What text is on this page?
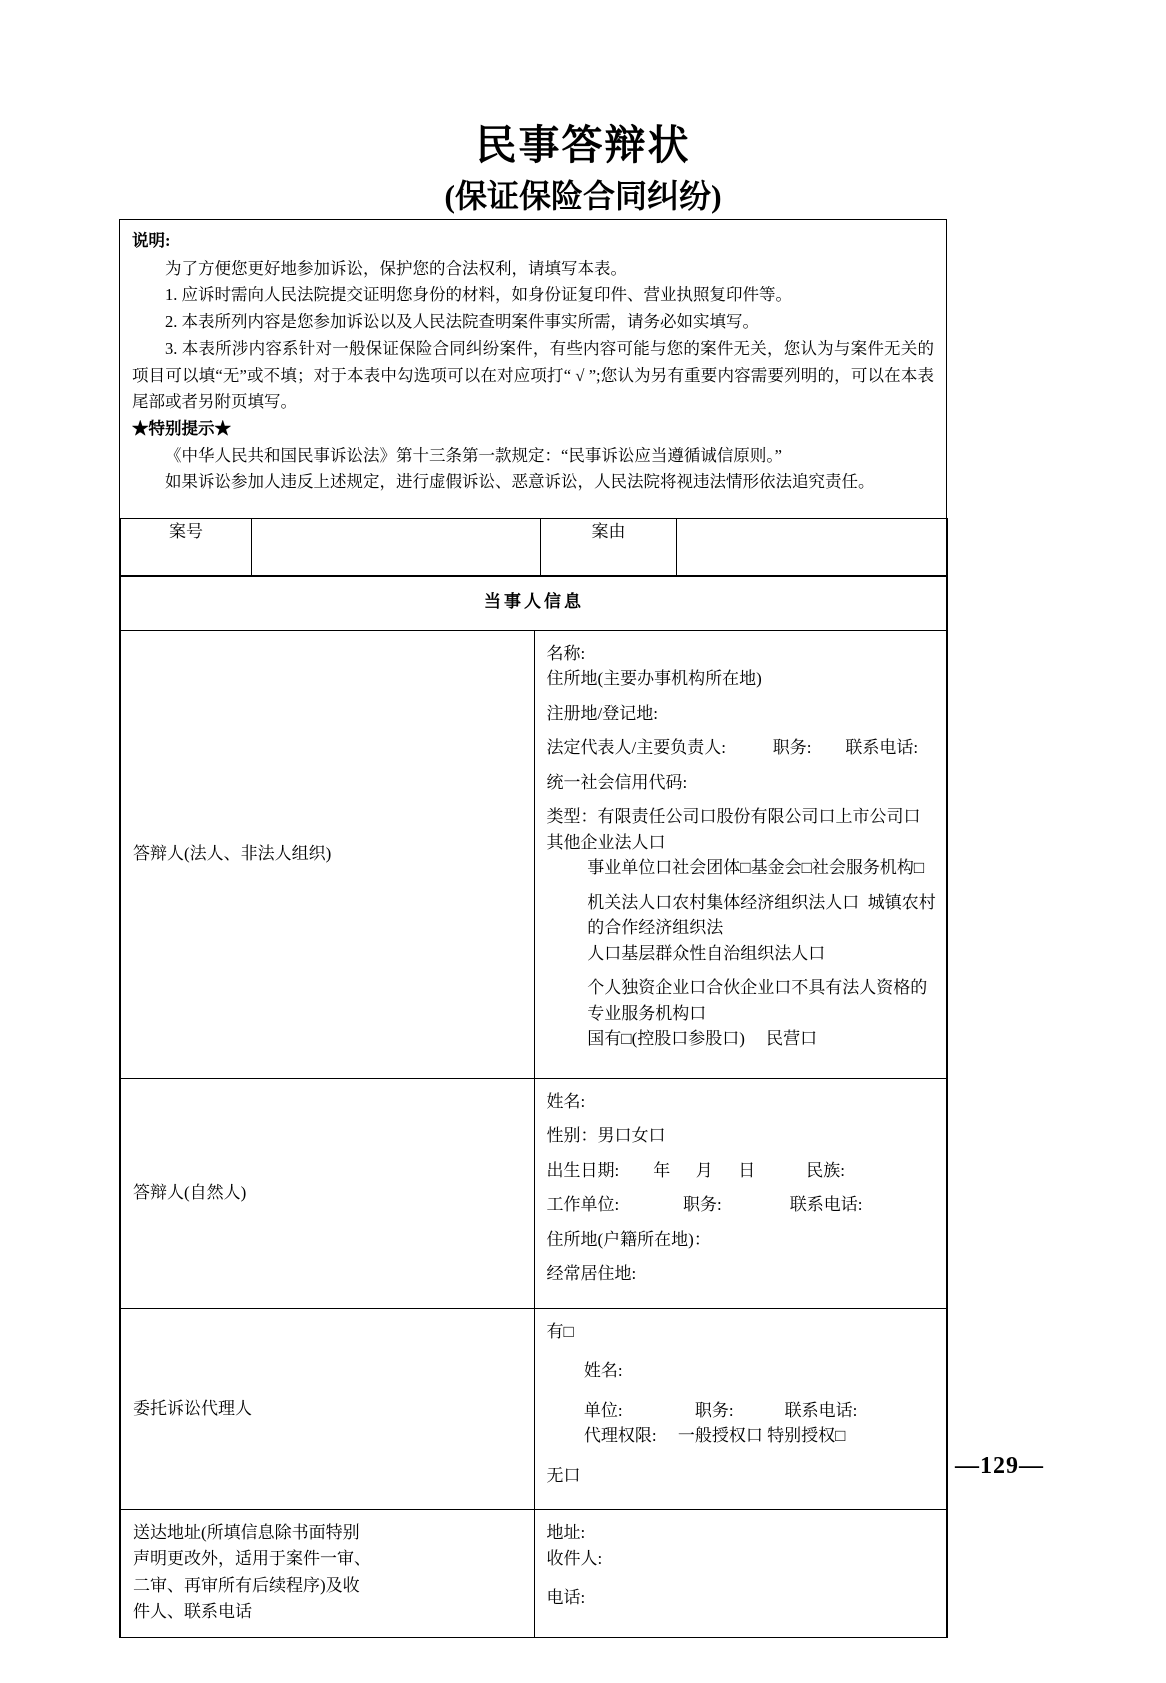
民事答辩状
(保证保险合同纠纷)
说明:

为了方便您更好地参加诉讼，保护您的合法权利，请填写本表。

1. 应诉时需向人民法院提交证明您身份的材料，如身份证复印件、营业执照复印件等。

2. 本表所列内容是您参加诉讼以及人民法院查明案件事实所需，请务必如实填写。

3. 本表所涉内容系针对一般保证保险合同纠纷案件，有些内容可能与您的案件无关，您认为与案件无关的项目可以填“无”或不填；对于本表中勾选项可以在对应项打“ √ ”;您认为另有重要内容需要列明的，可以在本表尾部或者另附页填写。

★特别提示★

《中华人民共和国民事诉讼法》第十三条第一款规定：“民事诉讼应当遵循诚信原则。”

如果诉讼参加人违反上述规定，进行虚假诉讼、恶意诉讼，人民法院将视违法情形依法追究责任。

案号		案由	
当事人信息	
答辩人(法人、非法人组织)	
名称:
住所地(主要办事机构所在地)
注册地/登记地:
法定代表人/主要负责人:           职务:        联系电话:
统一社会信用代码:
类型：有限责任公司口股份有限公司口上市公司口其他企业法人口
事业单位口社会团体□基金会□社会服务机构□
机关法人口农村集体经济组织法人口  城镇农村的合作经济组织法
人口基层群众性自治组织法人口
个人独资企业口合伙企业口不具有法人资格的专业服务机构口
国有□(控股口参股口)     民营口

答辩人(自然人)	
姓名:
性别：男口女口
出生日期:        年      月      日            民族:
工作单位:               职务:                联系电话:
住所地(户籍所在地)：
经常居住地:

委托诉讼代理人	有□
姓名:
单位:                 职务:            联系电话:
代理权限:     一般授权口 特别授权□
无口

送达地址(所填信息除书面特别
声明更改外，适用于案件一审、
二审、再审所有后续程序)及收
件人、联系电话

地址:
收件人:
电话:
—129—
